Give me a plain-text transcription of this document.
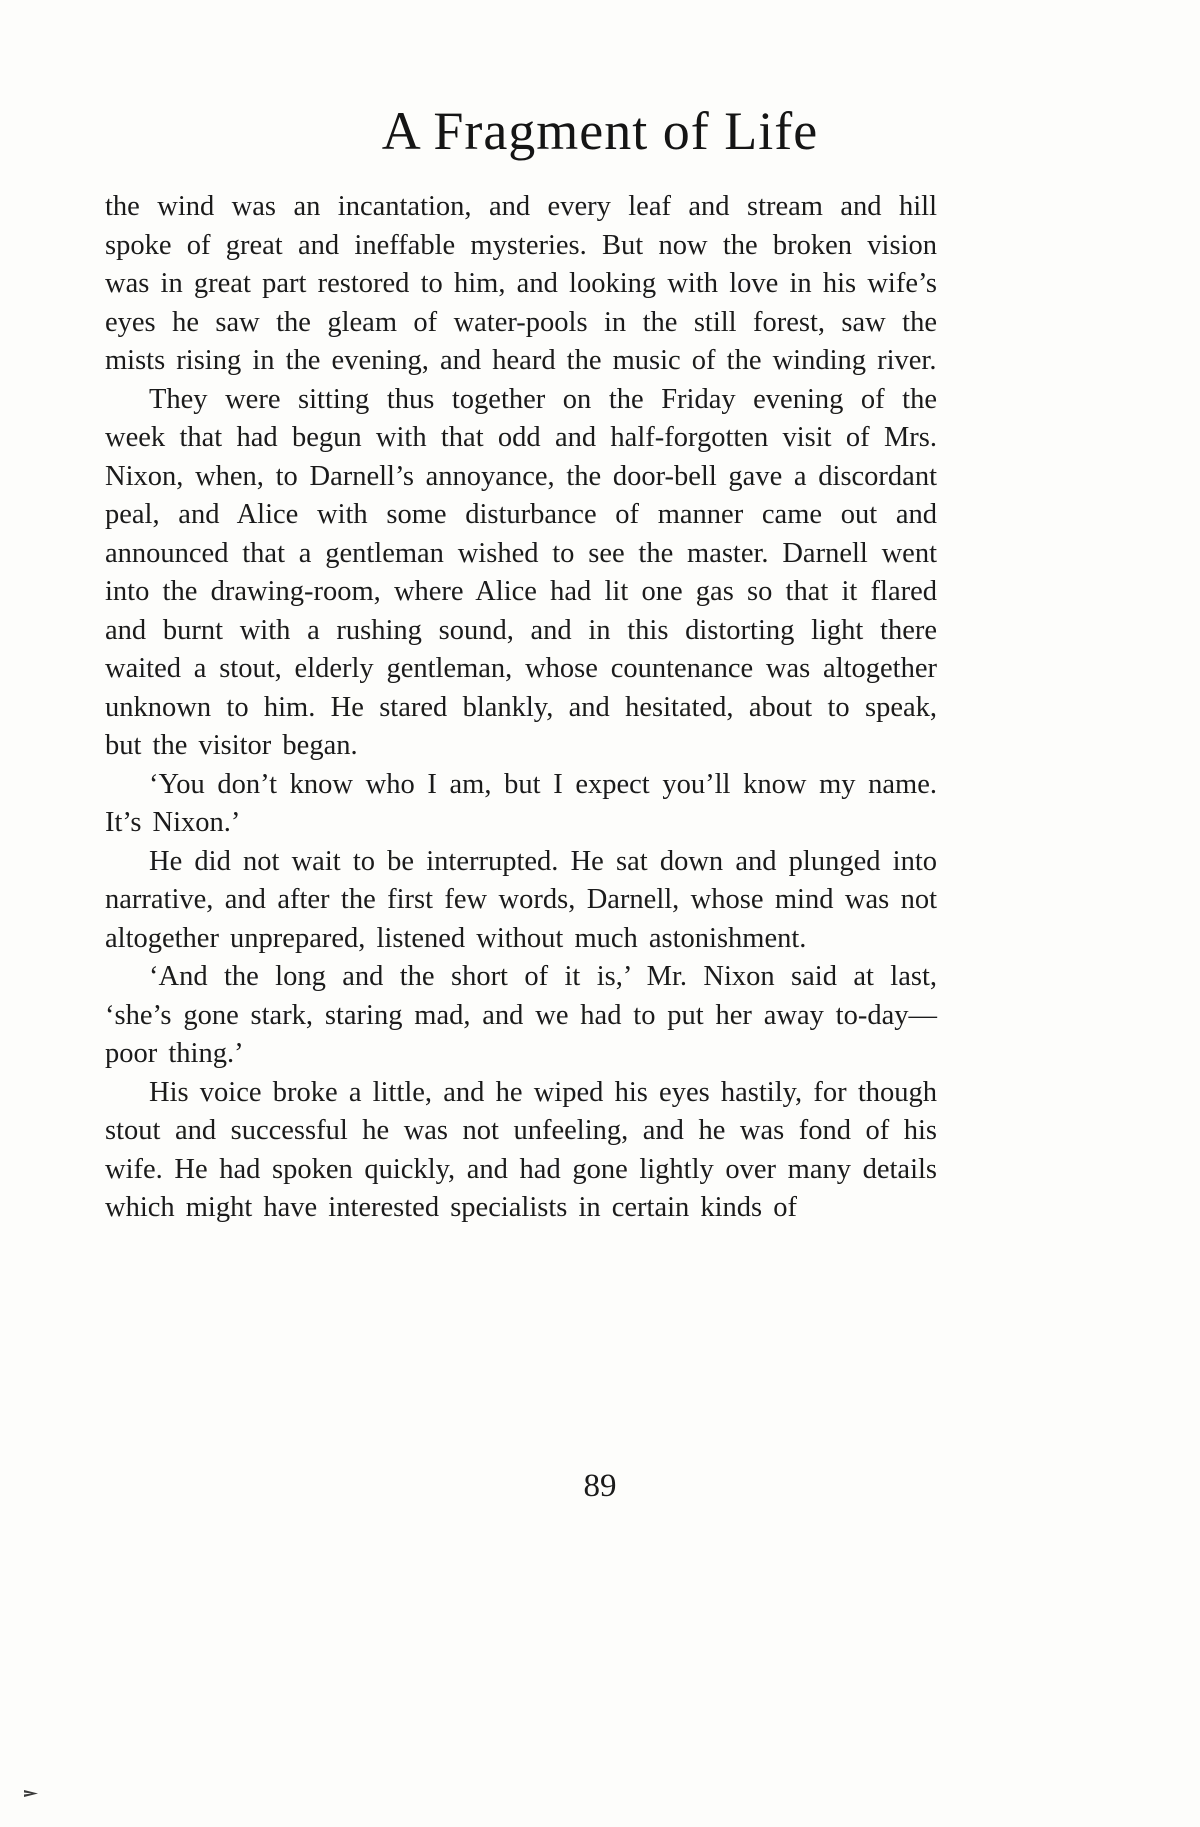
A Fragment of Life

the wind was an incantation, and every leaf and stream and hill spoke of great and ineffable mysteries. But now the broken vision was in great part restored to him, and looking with love in his wife’s eyes he saw the gleam of water-pools in the still forest, saw the mists rising in the evening, and heard the music of the winding river.

They were sitting thus together on the Friday evening of the week that had begun with that odd and half-forgotten visit of Mrs. Nixon, when, to Darnell’s annoyance, the door-bell gave a discordant peal, and Alice with some disturbance of manner came out and announced that a gentleman wished to see the master. Darnell went into the drawing-room, where Alice had lit one gas so that it flared and burnt with a rushing sound, and in this distorting light there waited a stout, elderly gentleman, whose countenance was altogether unknown to him. He stared blankly, and hesitated, about to speak, but the visitor began.

‘You don’t know who I am, but I expect you’ll know my name. It’s Nixon.’

He did not wait to be interrupted. He sat down and plunged into narrative, and after the first few words, Darnell, whose mind was not altogether unprepared, listened without much astonishment.

‘And the long and the short of it is,’ Mr. Nixon said at last, ‘she’s gone stark, staring mad, and we had to put her away to-day—poor thing.’

His voice broke a little, and he wiped his eyes hastily, for though stout and successful he was not unfeeling, and he was fond of his wife. He had spoken quickly, and had gone lightly over many details which might have interested specialists in certain kinds of

89
